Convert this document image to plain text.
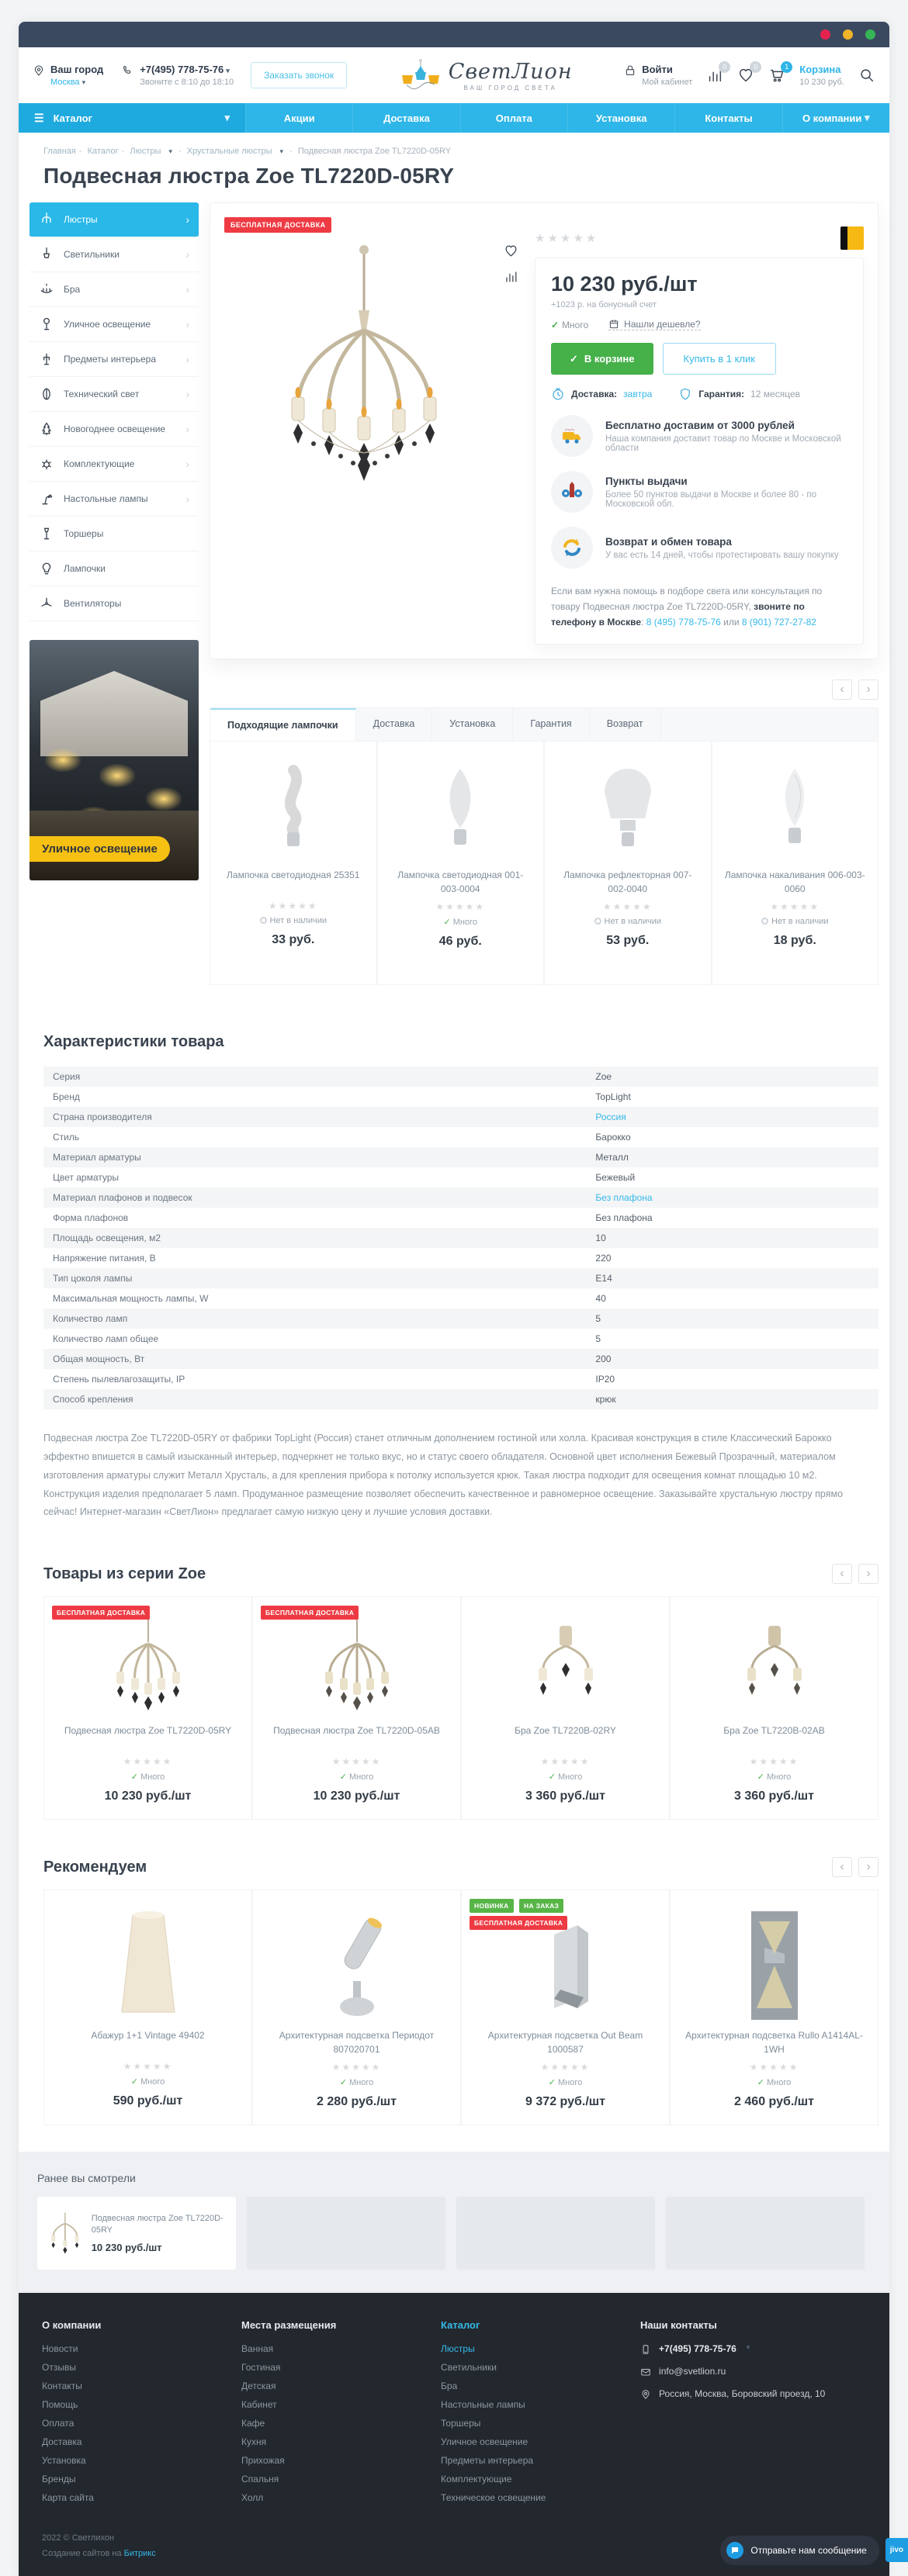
Ваш город
Москва ▾
+7(495) 778-75-76 ▾
Звоните с 8:10 до 18:10
Заказать звонок	СветЛион
ВАШ ГОРОД СВЕТА
Войти
Мой кабинет
0	0	1	Корзина
10 230 руб.
☰ Каталог	▾	Акции	Доставка	Оплата	Установка	Контакты	О компании
▾
Главная - Каталог - Люстры ▾ - Хрустальные люстры ▾ - Подвесная люстра Zoe TL7220D-05RY
Подвесная люстра Zoe TL7220D-05RY
Люстры	›
Светильники	›
Бра	›
Уличное освещение	›
Предметы интерьера	›
Технический свет	›
Новогоднее освещение ›
Комплектующие	›
Настольные лампы	›
Торшеры
Лампочки
Вентиляторы
Уличное освещение
БЕСПЛАТНАЯ ДОСТАВКА
★★★★★
10 230 руб./шт
+1023 р. на бонусный счет
✓ Много	Нашли дешевле?
✓ В корзине	Купить в 1 клик
Доставка: завтра	Гарантия: 12 месяцев
Бесплатно доставим от 3000 рублей
Наша компания доставит товар по Москве и Московской области
Пункты выдачи
Более 50 пунктов выдачи в Москве и более 80 - по Московской обл.
Возврат и обмен товара
У вас есть 14 дней, чтобы протестировать вашу покупку
Если вам нужна помощь в подборе света или консультация по товару Подвесная люстра Zoe TL7220D-05RY, звоните по телефону в Москве: 8 (495) 778-75-76 или 8 (901) 727-27-82
‹	›
Подходящие лампочки	Доставка	Установка	Гарантия	Возврат
Лампочка светодиодная 25351
★★★★★
Нет в наличии
33 руб.
Лампочка светодиодная 001-003-0004
★★★★★
✓ Много
46 руб.
Лампочка рефлекторная 007-002-0040
★★★★★
Нет в наличии
53 руб.
Лампочка накаливания 006-003-0060
★★★★★
Нет в наличии
18 руб.
Характеристики товара
Серия	Zoe
Бренд	TopLight
Страна производителя	Россия
Стиль	Барокко
Материал арматуры	Металл
Цвет арматуры	Бежевый
Материал плафонов и подвесок	Без плафона
Форма плафонов	Без плафона
Площадь освещения, м2	10
Напряжение питания, В	220
Тип цоколя лампы	E14
Максимальная мощность лампы, W	40
Количество ламп	5
Количество ламп общее	5
Общая мощность, Вт	200
Степень пылевлагозащиты, IP	IP20
Способ крепления	крюк

Подвесная люстра Zoe TL7220D-05RY от фабрики TopLight (Россия) станет отличным дополнением гостиной или холла. Красивая конструкция в стиле Классический Барокко эффектно впишется в самый изысканный интерьер, подчеркнет не только вкус, но и статус своего обладателя. Основной цвет исполнения Бежевый Прозрачный, материалом изготовления арматуры служит Металл Хрусталь, а для крепления прибора к потолку используется крюк. Такая люстра подходит для освещения комнат площадью 10 м2. Конструкция изделия предполагает 5 ламп. Продуманное размещение позволяет обеспечить качественное и равномерное освещение. Заказывайте хрустальную люстру прямо сейчас! Интернет-магазин «СветЛион» предлагает самую низкую цену и лучшие условия доставки.

Товары из серии Zoe	‹	›
БЕСПЛАТНАЯ ДОСТАВКА
Подвесная люстра Zoe TL7220D-05RY
★★★★★
✓ Много
10 230 руб./шт
БЕСПЛАТНАЯ ДОСТАВКА
Подвесная люстра Zoe TL7220D-05AB
★★★★★
✓ Много
10 230 руб./шт
Бра Zoe TL7220B-02RY
★★★★★
✓ Много
3 360 руб./шт
Бра Zoe TL7220B-02AB
★★★★★
✓ Много
3 360 руб./шт
Рекомендуем	‹	›
Абажур 1+1 Vintage 49402
★★★★★
✓ Много
590 руб./шт
Архитектурная подсветка Периодот 807020701
★★★★★
✓ Много
2 280 руб./шт
НОВИНКА НА ЗАКАЗ
БЕСПЛАТНАЯ ДОСТАВКА
Архитектурная подсветка Out Beam 1000587
★★★★★
✓ Много
9 372 руб./шт
Архитектурная подсветка Rullo A1414AL-1WH
★★★★★
✓ Много
2 460 руб./шт
Ранее вы смотрели
Подвесная люстра Zoe TL7220D-05RY
10 230 руб./шт
О компании
Новости
Отзывы
Контакты
Помощь
Оплата
Доставка
Установка
Бренды
Карта сайта
Места размещения
Ванная
Гостиная
Детская
Кабинет
Кафе
Кухня
Прихожая
Спальня
Холл
Каталог
Люстры
Светильники
Бра
Настольные лампы
Торшеры
Уличное освещение
Предметы интерьера
Комплектующие
Техническое освещение
Наши контакты
+7(495) 778-75-76 ▾
info@svetlion.ru
Россия, Москва, Боровский проезд, 10
2022 © Светлихон
Создание сайтов на Битрикс	Отправьте нам сообщение	jivo
